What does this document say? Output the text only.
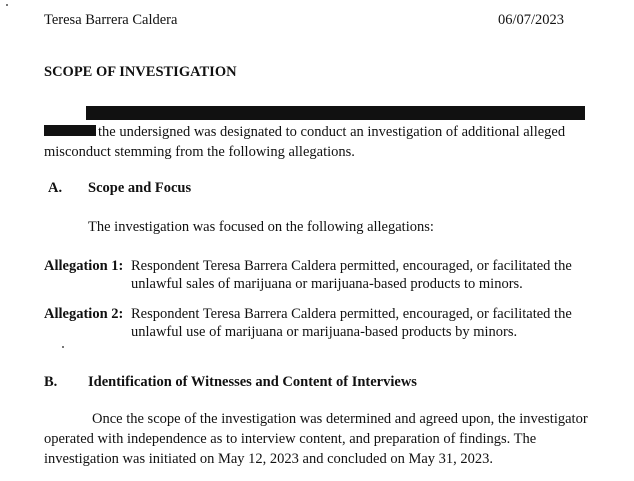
Teresa Barrera Caldera	06/07/2023
SCOPE OF INVESTIGATION
the undersigned was designated to conduct an investigation of additional alleged
misconduct stemming from the following allegations.
A. Scope and Focus
The investigation was focused on the following allegations:
Allegation 1: Respondent Teresa Barrera Caldera permitted, encouraged, or facilitated the
unlawful sales of marijuana or marijuana-based products to minors.
Allegation 2: Respondent Teresa Barrera Caldera permitted, encouraged, or facilitated the
unlawful use of marijuana or marijuana-based products by minors.
B. Identification of Witnesses and Content of Interviews
Once the scope of the investigation was determined and agreed upon, the investigator
operated with independence as to interview content, and preparation of findings. The
investigation was initiated on May 12, 2023 and concluded on May 31, 2023.
